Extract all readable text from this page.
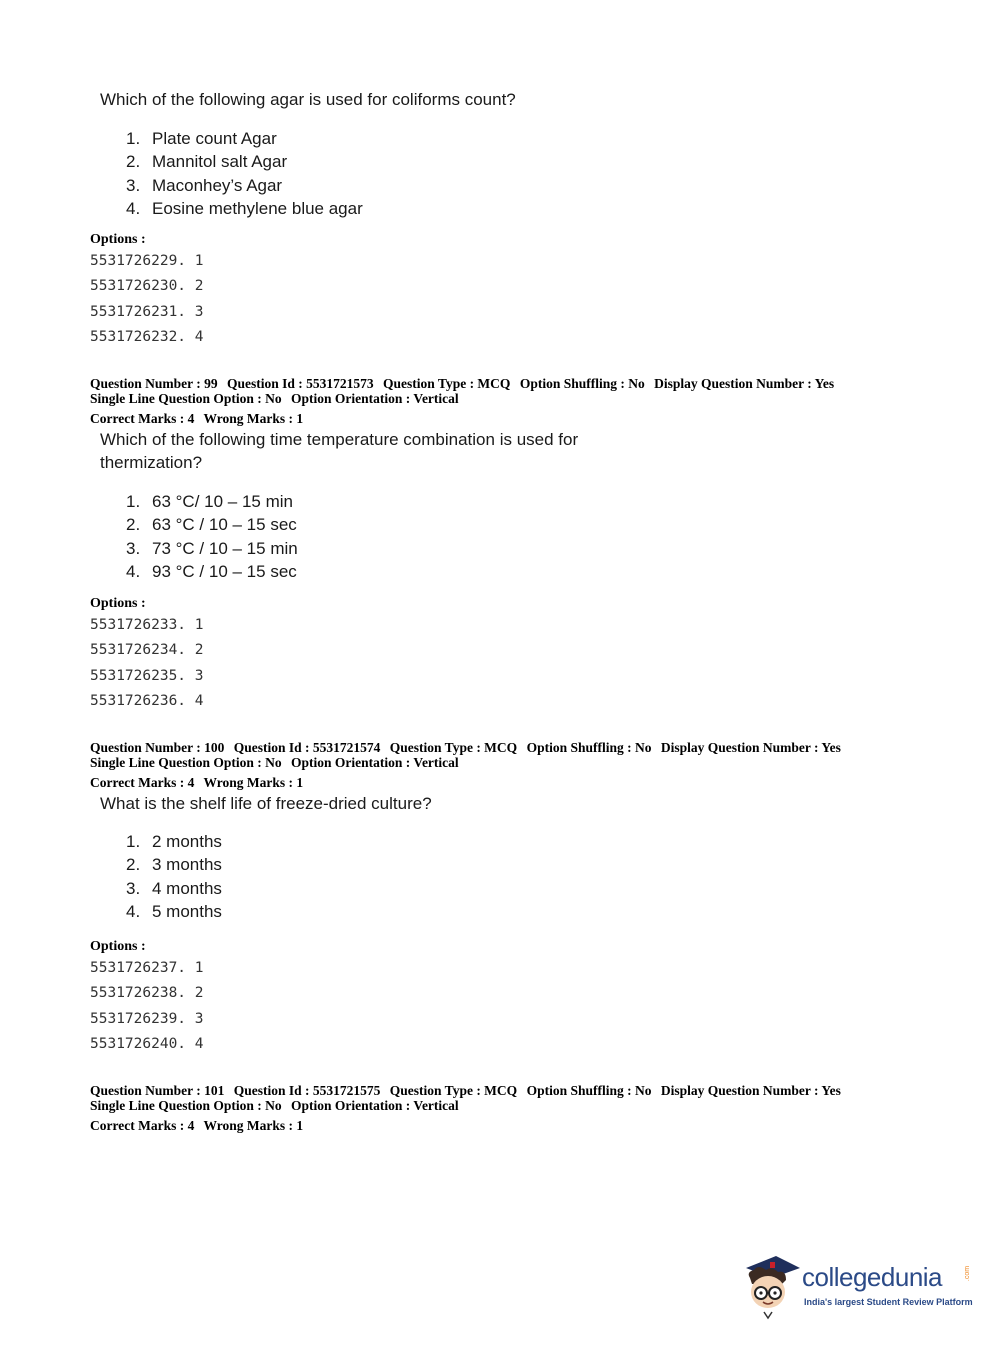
Which of the following agar is used for coliforms count?
1. Plate count Agar
2. Mannitol salt Agar
3. Maconhey’s Agar
4. Eosine methylene blue agar
Options :
5531726229. 1
5531726230. 2
5531726231. 3
5531726232. 4
Question Number : 99 Question Id : 5531721573 Question Type : MCQ Option Shuffling : No Display Question Number : Yes
Single Line Question Option : No Option Orientation : Vertical
Correct Marks : 4 Wrong Marks : 1
Which of the following time temperature combination is used for
thermization?
1. 63 °C/ 10 – 15 min
2. 63 °C / 10 – 15 sec
3. 73 °C / 10 – 15 min
4. 93 °C / 10 – 15 sec
Options :
5531726233. 1
5531726234. 2
5531726235. 3
5531726236. 4
Question Number : 100 Question Id : 5531721574 Question Type : MCQ Option Shuffling : No Display Question Number : Yes
Single Line Question Option : No Option Orientation : Vertical
Correct Marks : 4 Wrong Marks : 1
What is the shelf life of freeze-dried culture?
1. 2 months
2. 3 months
3. 4 months
4. 5 months
Options :
5531726237. 1
5531726238. 2
5531726239. 3
5531726240. 4
Question Number : 101 Question Id : 5531721575 Question Type : MCQ Option Shuffling : No Display Question Number : Yes
Single Line Question Option : No Option Orientation : Vertical
Correct Marks : 4 Wrong Marks : 1
collegedunia	.com
India's largest Student Review Platform
